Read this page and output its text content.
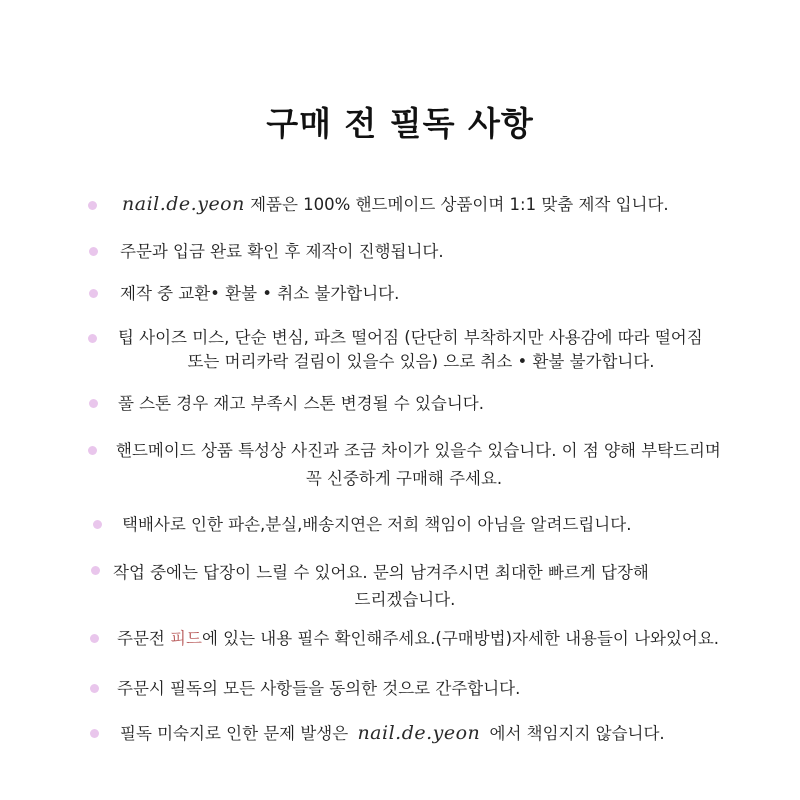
구매 전 필독 사항
nail.de.yeon 제품은 100% 핸드메이드 상품이며 1:1 맞춤 제작 입니다.
주문과 입금 완료 확인 후 제작이 진행됩니다.
제작 중 교환• 환불 • 취소 불가합니다.
팁 사이즈 미스, 단순 변심, 파츠 떨어짐 (단단히 부착하지만 사용감에 따라 떨어짐
또는 머리카락 걸림이 있을수 있음) 으로 취소 • 환불 불가합니다.
풀 스톤 경우 재고 부족시 스톤 변경될 수 있습니다.
핸드메이드 상품 특성상 사진과 조금 차이가 있을수 있습니다. 이 점 양해 부탁드리며
꼭 신중하게 구매해 주세요.
택배사로 인한 파손,분실,배송지연은 저희 책임이 아님을 알려드립니다.
작업 중에는 답장이 느릴 수 있어요. 문의 남겨주시면 최대한 빠르게 답장해
드리겠습니다.
주문전 피드에 있는 내용 필수 확인해주세요.(구매방법)자세한 내용들이 나와있어요.
주문시 필독의 모든 사항들을 동의한 것으로 간주합니다.
필독 미숙지로 인한 문제 발생은 nail.de.yeon 에서 책임지지 않습니다.
